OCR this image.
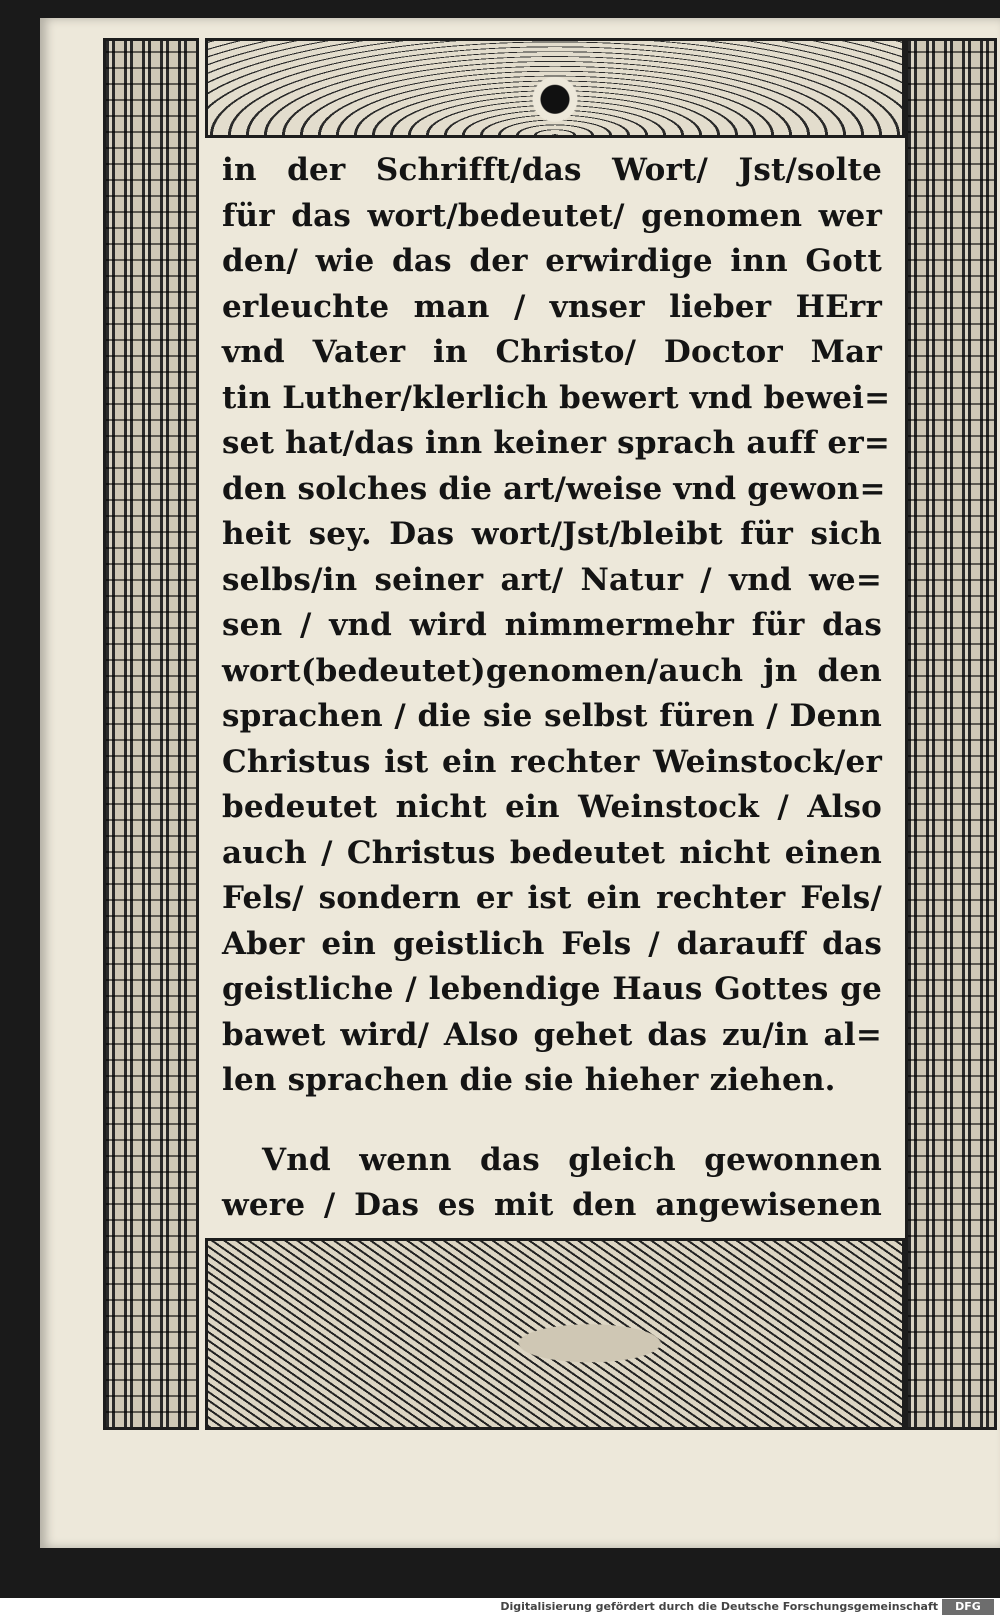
in der Schrifft/das Wort/ Jst/solte
für das wort/bedeutet/ genomen wer
den/ wie das der erwirdige inn Gott
erleuchte man / vnser lieber HErr
vnd Vater in Christo/ Doctor Mar
tin Luther/klerlich bewert vnd bewei=
set hat/das inn keiner sprach auff er=
den solches die art/weise vnd gewon=
heit sey. Das wort/Jst/bleibt für sich
selbs/in seiner art/ Natur / vnd we=
sen / vnd wird nimmermehr für das
wort(bedeutet)genomen/auch jn den
sprachen / die sie selbst füren / Denn
Christus ist ein rechter Weinstock/er
bedeutet nicht ein Weinstock / Also
auch / Christus bedeutet nicht einen
Fels/ sondern er ist ein rechter Fels/
Aber ein geistlich Fels / darauff das
geistliche / lebendige Haus Gottes ge
bawet wird/ Also gehet das zu/in al=
len sprachen die sie hieher ziehen.
Vnd wenn das gleich gewonnen
were / Das es mit den angewisenen
Digitalisierung gefördert durch die Deutsche Forschungsgemeinschaft	DFG
